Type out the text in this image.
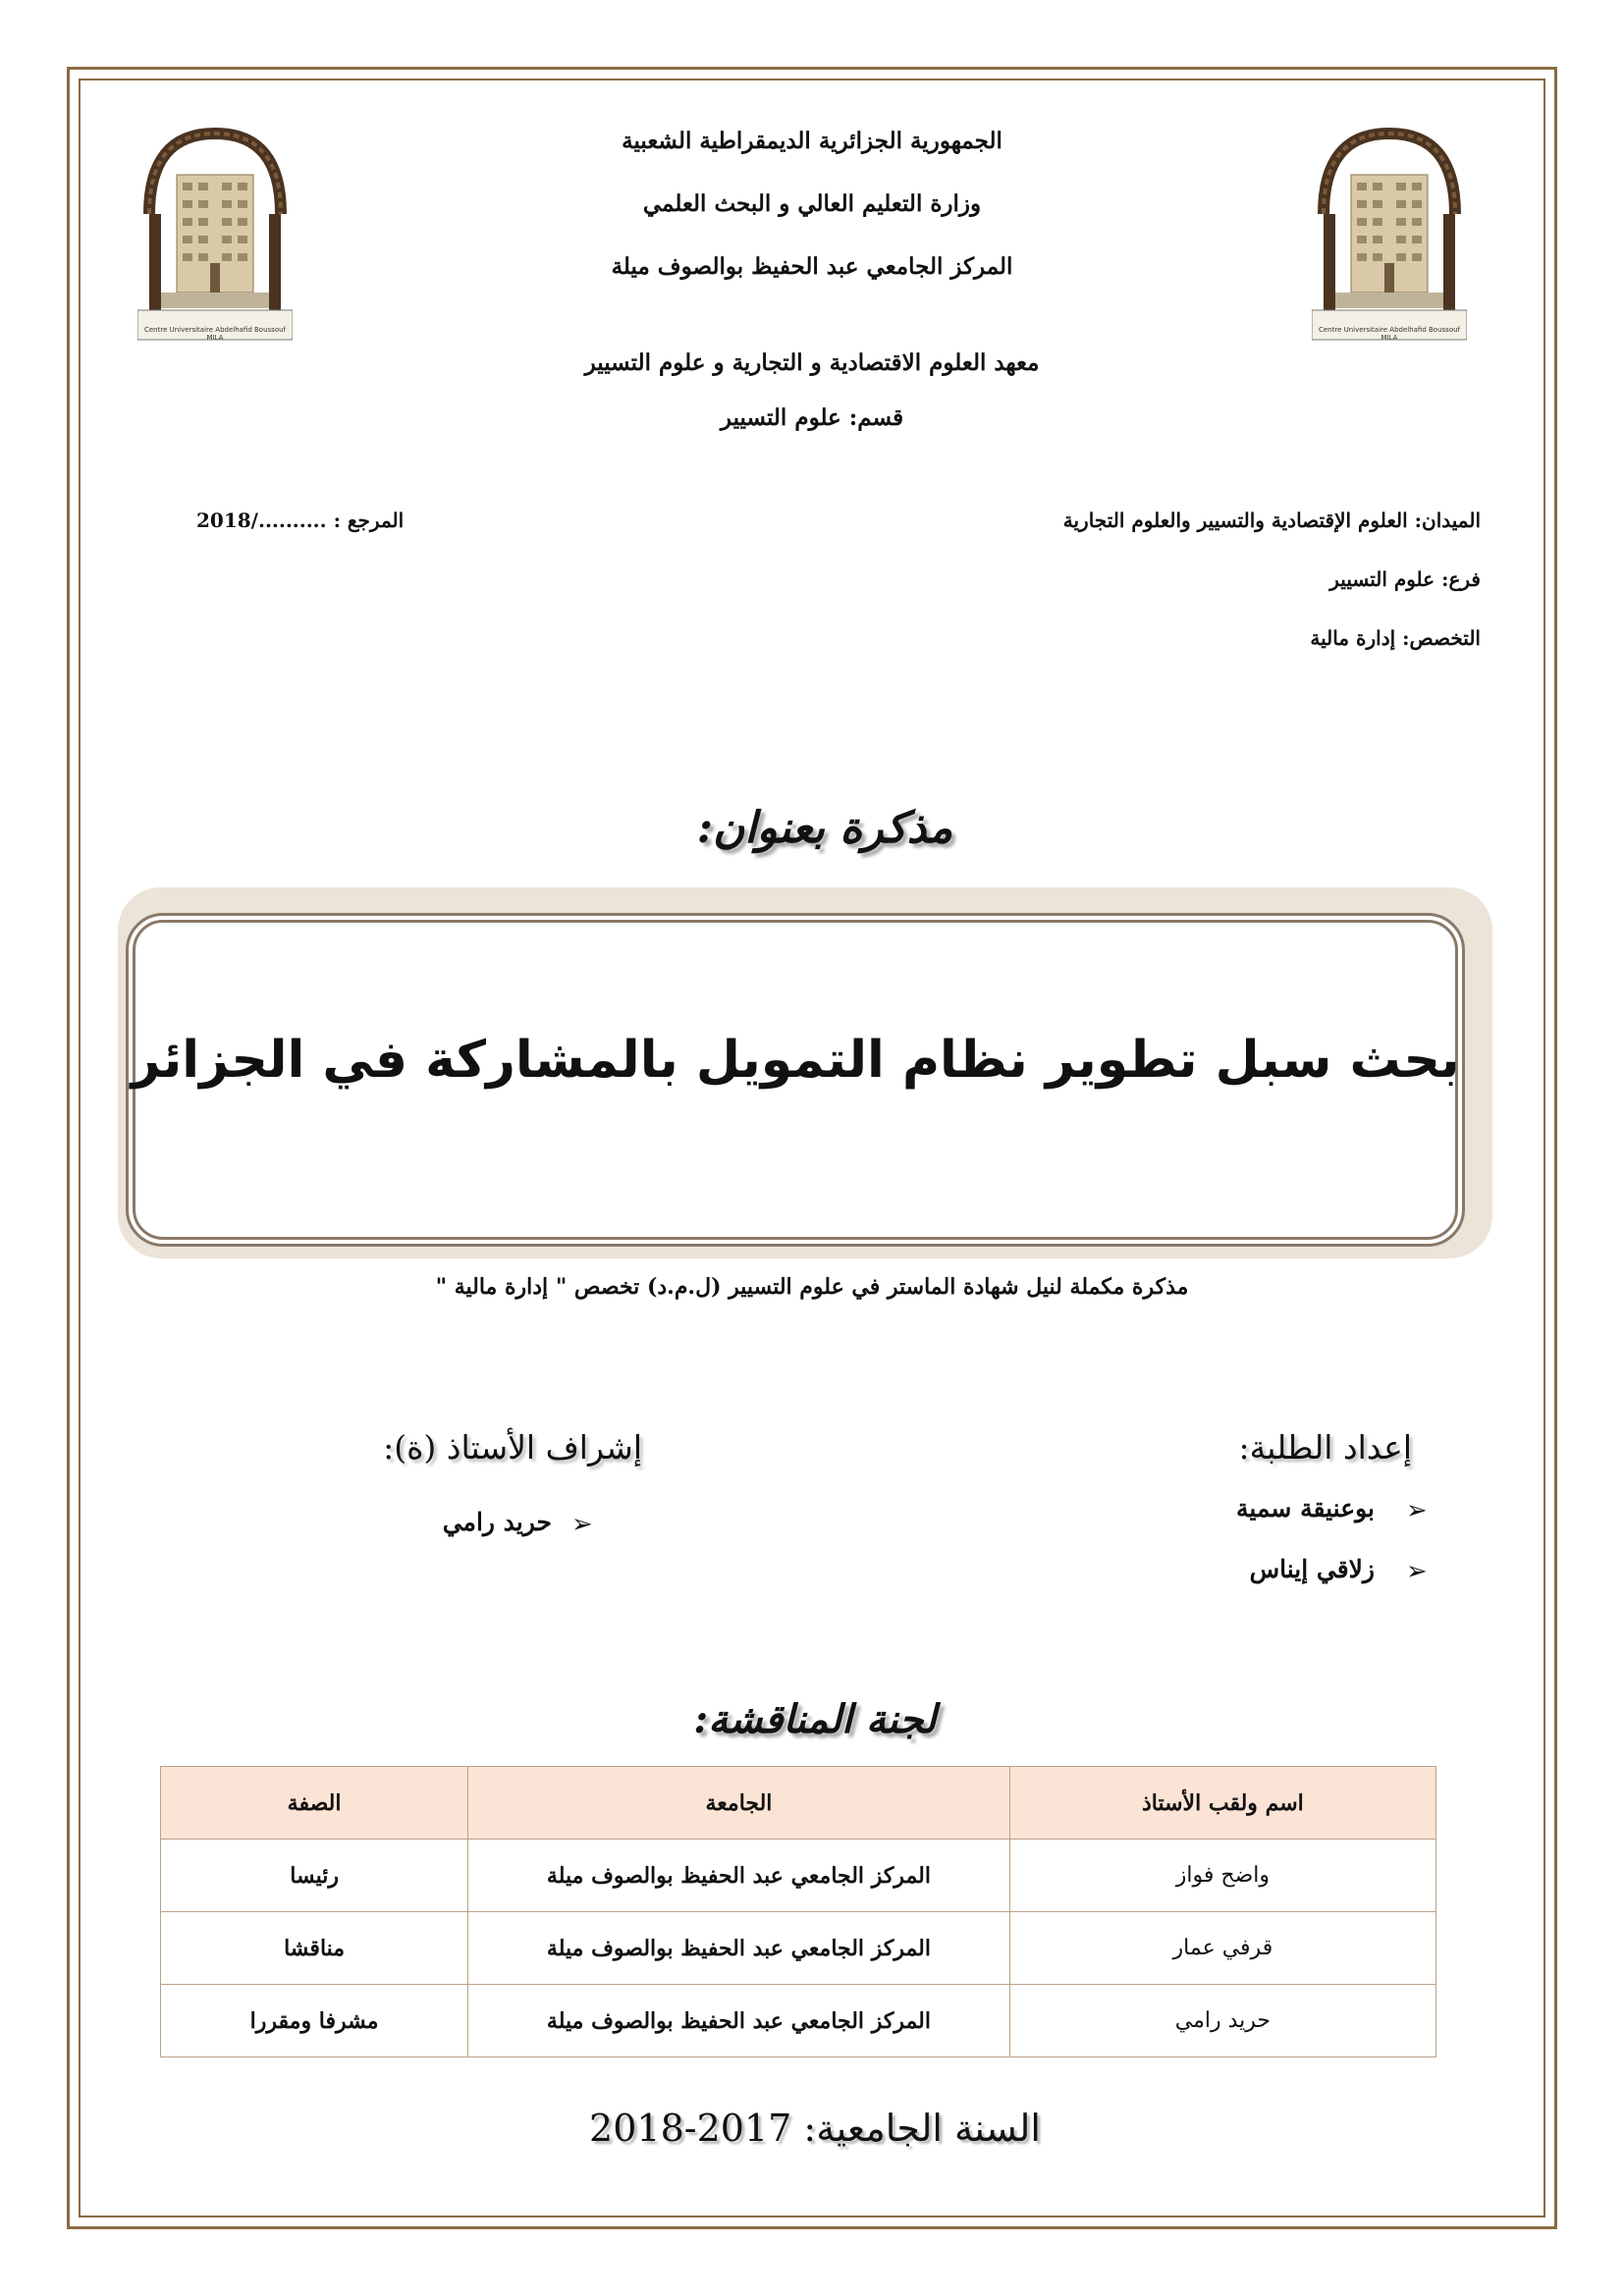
Centre Universitaire Abdelhafid Boussouf MILA
Centre Universitaire Abdelhafid Boussouf MILA
الجمهورية الجزائرية الديمقراطية الشعبية
وزارة التعليم العالي و البحث العلمي
المركز الجامعي عبد الحفيظ بوالصوف ميلة
معهد العلوم الاقتصادية و التجارية و علوم التسيير
قسم: علوم التسيير
الميدان: العلوم الإقتصادية والتسيير والعلوم التجارية
فرع: علوم التسيير
التخصص: إدارة مالية
المرجع : ........../2018
مذكرة بعنوان:
بحث سبل تطوير نظام التمويل بالمشاركة في الجزائر
مذكرة مكملة لنيل شهادة الماستر في علوم التسيير (ل.م.د) تخصص " إدارة مالية "
إعداد الطلبة:
➢
بوعنيقة سمية
➢
زلاقي إيناس
إشراف الأستاذ (ة):
➢
حريد رامي
لجنة المناقشة:
اسم ولقب الأستاذ	الجامعة	الصفة
واضح فواز	المركز الجامعي عبد الحفيظ بوالصوف ميلة	رئيسا
قرفي عمار	المركز الجامعي عبد الحفيظ بوالصوف ميلة	مناقشا
حريد رامي	المركز الجامعي عبد الحفيظ بوالصوف ميلة	مشرفا ومقررا
السنة الجامعية: 2017-2018
